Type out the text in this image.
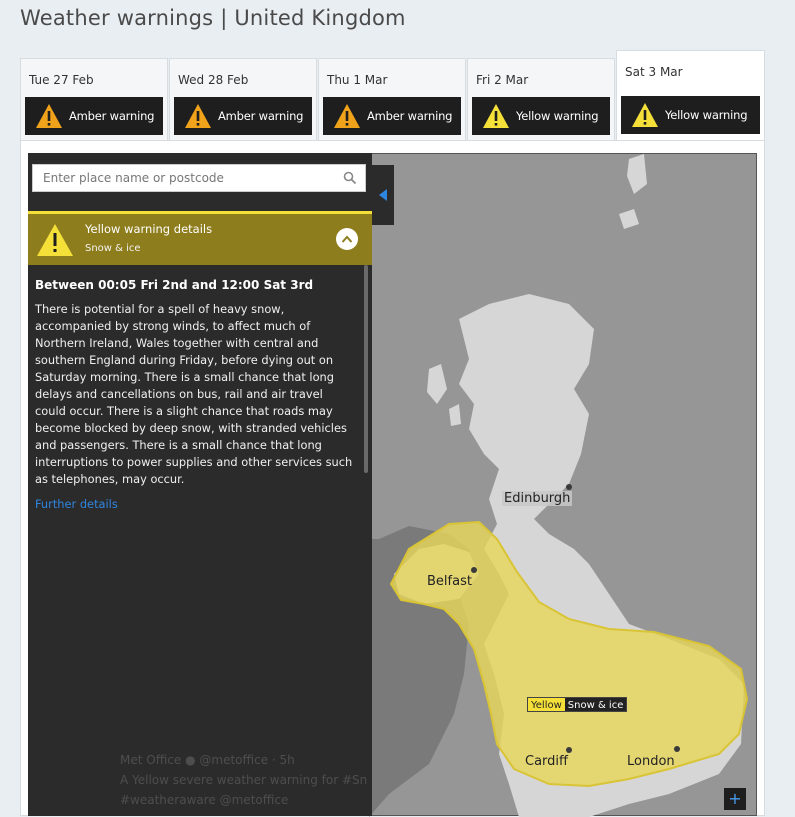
Weather warnings | United Kingdom
Tue 27 Feb
Amber warning
Wed 28 Feb
Amber warning
Thu 1 Mar
Amber warning
Fri 2 Mar
Yellow warning
Sat 3 Mar
Yellow warning
Edinburgh
Belfast
Cardiff	London
Yellow Snow & ice
+
Enter place name or postcode
Yellow warning details
Snow & ice
Between 00:05 Fri 2nd and 12:00 Sat 3rd

There is potential for a spell of heavy snow, accompanied by strong winds, to affect much of Northern Ireland, Wales together with central and southern England during Friday, before dying out on Saturday morning. There is a small chance that long delays and cancellations on bus, rail and air travel could occur. There is a slight chance that roads may become blocked by deep snow, with stranded vehicles and passengers. There is a small chance that long interruptions to power supplies and other services such as telephones, may occur.

Further details
Met Office ● @metoffice · 5h
A Yellow severe weather warning for #Sn
#weatheraware @metoffice
